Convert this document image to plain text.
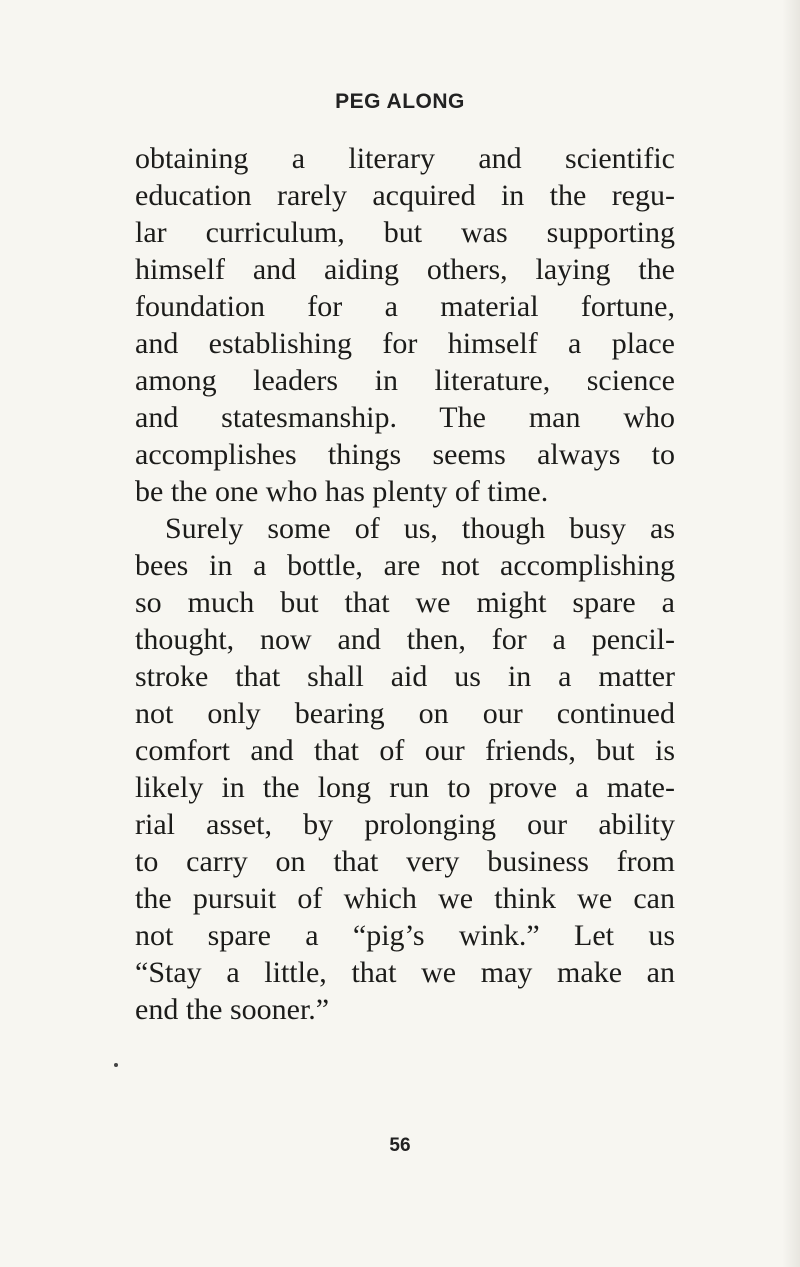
PEG ALONG
obtaining a literary and scientific
education rarely acquired in the regu-
lar curriculum, but was supporting
himself and aiding others, laying the
foundation for a material fortune,
and establishing for himself a place
among leaders in literature, science
and statesmanship. The man who
accomplishes things seems always to
be the one who has plenty of time.
Surely some of us, though busy as
bees in a bottle, are not accomplishing
so much but that we might spare a
thought, now and then, for a pencil-
stroke that shall aid us in a matter
not only bearing on our continued
comfort and that of our friends, but is
likely in the long run to prove a mate-
rial asset, by prolonging our ability
to carry on that very business from
the pursuit of which we think we can
not spare a “pig’s wink.” Let us
“Stay a little, that we may make an
end the sooner.”
56
